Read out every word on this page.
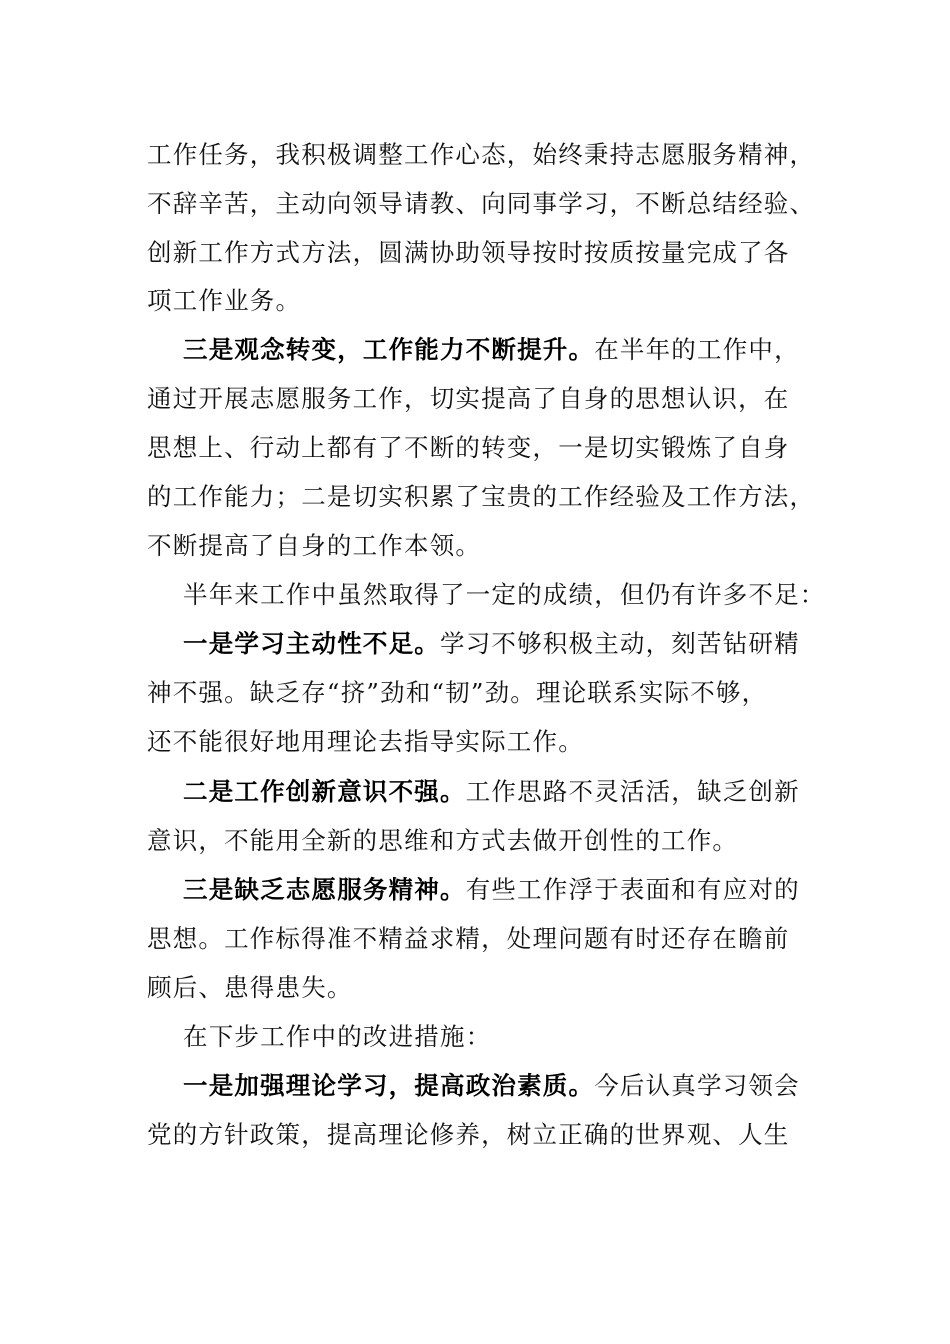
工作任务，我积极调整工作心态，始终秉持志愿服务精神，
不辞辛苦，主动向领导请教、向同事学习，不断总结经验、
创新工作方式方法，圆满协助领导按时按质按量完成了各
项工作业务。
三是观念转变，工作能力不断提升。在半年的工作中，
通过开展志愿服务工作，切实提高了自身的思想认识，在
思想上、行动上都有了不断的转变，一是切实锻炼了自身
的工作能力；二是切实积累了宝贵的工作经验及工作方法，
不断提高了自身的工作本领。
半年来工作中虽然取得了一定的成绩，但仍有许多不足：
一是学习主动性不足。学习不够积极主动，刻苦钻研精
神不强。缺乏存“挤”劲和“韧”劲。理论联系实际不够，
还不能很好地用理论去指导实际工作。
二是工作创新意识不强。工作思路不灵活活，缺乏创新
意识，不能用全新的思维和方式去做开创性的工作。
三是缺乏志愿服务精神。有些工作浮于表面和有应对的
思想。工作标得准不精益求精，处理问题有时还存在瞻前
顾后、患得患失。
在下步工作中的改进措施：
一是加强理论学习，提高政治素质。今后认真学习领会
党的方针政策，提高理论修养，树立正确的世界观、人生
